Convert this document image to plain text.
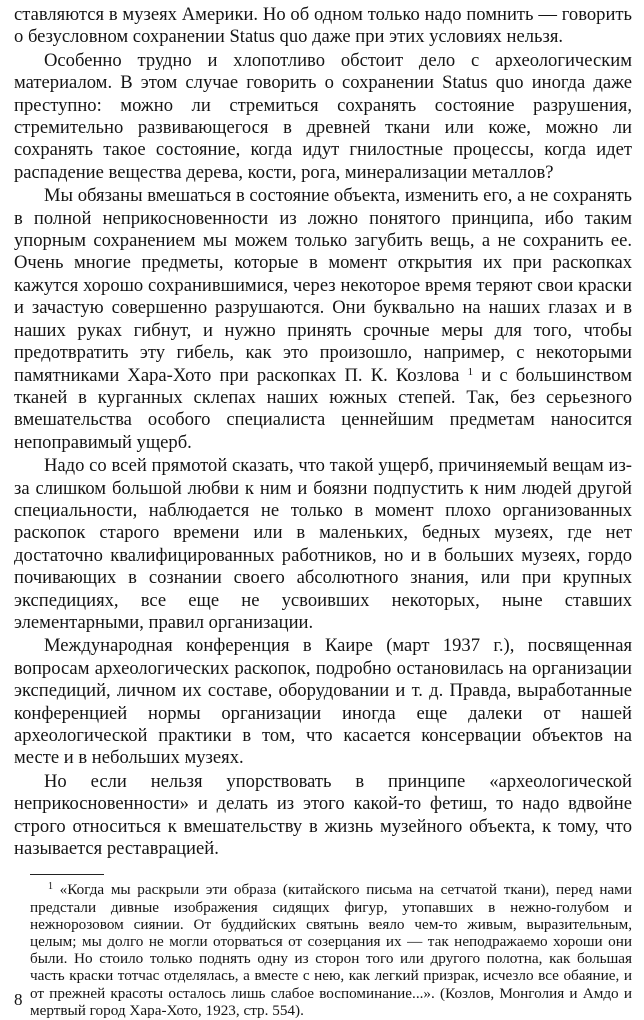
ставляются в музеях Америки. Но об одном только надо помнить — говорить о безусловном сохранении Status quo даже при этих условиях нельзя.

Особенно трудно и хлопотливо обстоит дело с археологическим материалом. В этом случае говорить о сохранении Status quo иногда даже преступно: можно ли стремиться сохранять состояние разрушения, стремительно развивающегося в древней ткани или коже, можно ли сохранять такое состояние, когда идут гнилостные процессы, когда идет распадение вещества дерева, кости, рога, минерализации металлов?

Мы обязаны вмешаться в состояние объекта, изменить его, а не сохранять в полной неприкосновенности из ложно понятого принципа, ибо таким упорным сохранением мы можем только загубить вещь, а не сохранить ее. Очень многие предметы, которые в момент открытия их при раскопках кажутся хорошо сохранившимися, через некоторое время теряют свои краски и зачастую совершенно разрушаются. Они буквально на наших глазах и в наших руках гибнут, и нужно принять срочные меры для того, чтобы предотвратить эту гибель, как это произошло, например, с некоторыми памятниками Хара-Хото при раскопках П. К. Козлова $^1$ и с большинством тканей в курганных склепах наших южных степей. Так, без серьезного вмешательства особого специалиста ценнейшим предметам наносится непоправимый ущерб.

Надо со всей прямотой сказать, что такой ущерб, причиняемый вещам из-за слишком большой любви к ним и боязни подпустить к ним людей другой специальности, наблюдается не только в момент плохо организованных раскопок старого времени или в маленьких, бедных музеях, где нет достаточно квалифицированных работников, но и в больших музеях, гордо почивающих в сознании своего абсолютного знания, или при крупных экспедициях, все еще не усвоивших некоторых, ныне ставших элементарными, правил организации.

Международная конференция в Каире (март 1937 г.), посвященная вопросам археологических раскопок, подробно остановилась на организации экспедиций, личном их составе, оборудовании и т. д. Правда, выработанные конференцией нормы организации иногда еще далеки от нашей археологической практики в том, что касается консервации объектов на месте и в небольших музеях.

Но если нельзя упорствовать в принципе «археологической неприкосновенности» и делать из этого какой-то фетиш, то надо вдвойне строго относиться к вмешательству в жизнь музейного объекта, к тому, что называется реставрацией.

$^1$ «Когда мы раскрыли эти образа (китайского письма на сетчатой ткани), перед нами предстали дивные изображения сидящих фигур, утопавших в нежно-голубом и нежнорозовом сиянии. От буддийских святынь веяло чем-то живым, выразительным, целым; мы долго не могли оторваться от созерцания их — так неподражаемо хороши они были. Но стоило только поднять одну из сторон того или другого полотна, как большая часть краски тотчас отделялась, а вместе с нею, как легкий призрак, исчезло все обаяние, и от прежней красоты осталось лишь слабое воспоминание...». (Козлов, Монголия и Амдо и мертвый город Хара-Хото, 1923, стр. 554).

8
